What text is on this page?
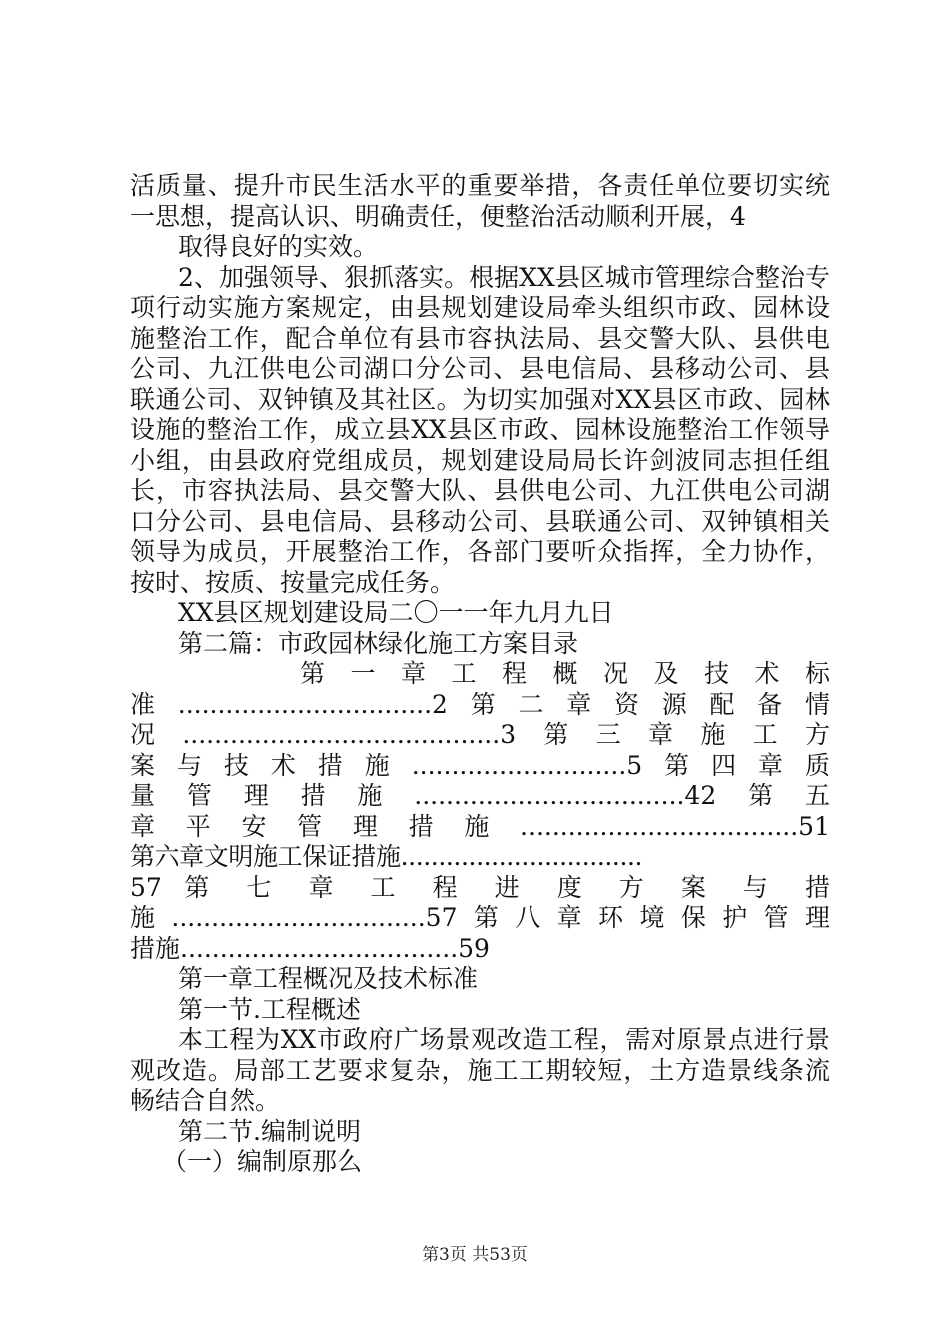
活质量、提升市民生活水平的重要举措，各责任单位要切实统
一思想，提高认识、明确责任，便整治活动顺利开展，4
取得良好的实效。
2、加强领导、狠抓落实。根据XX县区城市管理综合整治专
项行动实施方案规定，由县规划建设局牵头组织市政、园林设
施整治工作，配合单位有县市容执法局、县交警大队、县供电
公司、九江供电公司湖口分公司、县电信局、县移动公司、县
联通公司、双钟镇及其社区。为切实加强对XX县区市政、园林
设施的整治工作，成立县XX县区市政、园林设施整治工作领导
小组，由县政府党组成员，规划建设局局长许剑波同志担任组
长，市容执法局、县交警大队、县供电公司、九江供电公司湖
口分公司、县电信局、县移动公司、县联通公司、双钟镇相关
领导为成员，开展整治工作，各部门要听众指挥，全力协作，
按时、按质、按量完成任务。
XX县区规划建设局二〇一一年九月九日
第二篇：市政园林绿化施工方案目录
第 一 章 工 程 概 况 及 技 术 标
准................................2第二章资源配备情
况........................................3第三章施工方
案与技术措施...........................5第四章质
量管理措施..................................42第五
章平安管理措施...................................51
第六章文明施工保证措施................................
57 第 七 章 工 程 进 度 方 案 与 措
施................................57第八章环境保护管理
措施...................................59
第一章工程概况及技术标准
第一节.工程概述
本工程为XX市政府广场景观改造工程，需对原景点进行景
观改造。局部工艺要求复杂，施工工期较短，土方造景线条流
畅结合自然。
第二节.编制说明
（一）编制原那么
第3页 共53页
